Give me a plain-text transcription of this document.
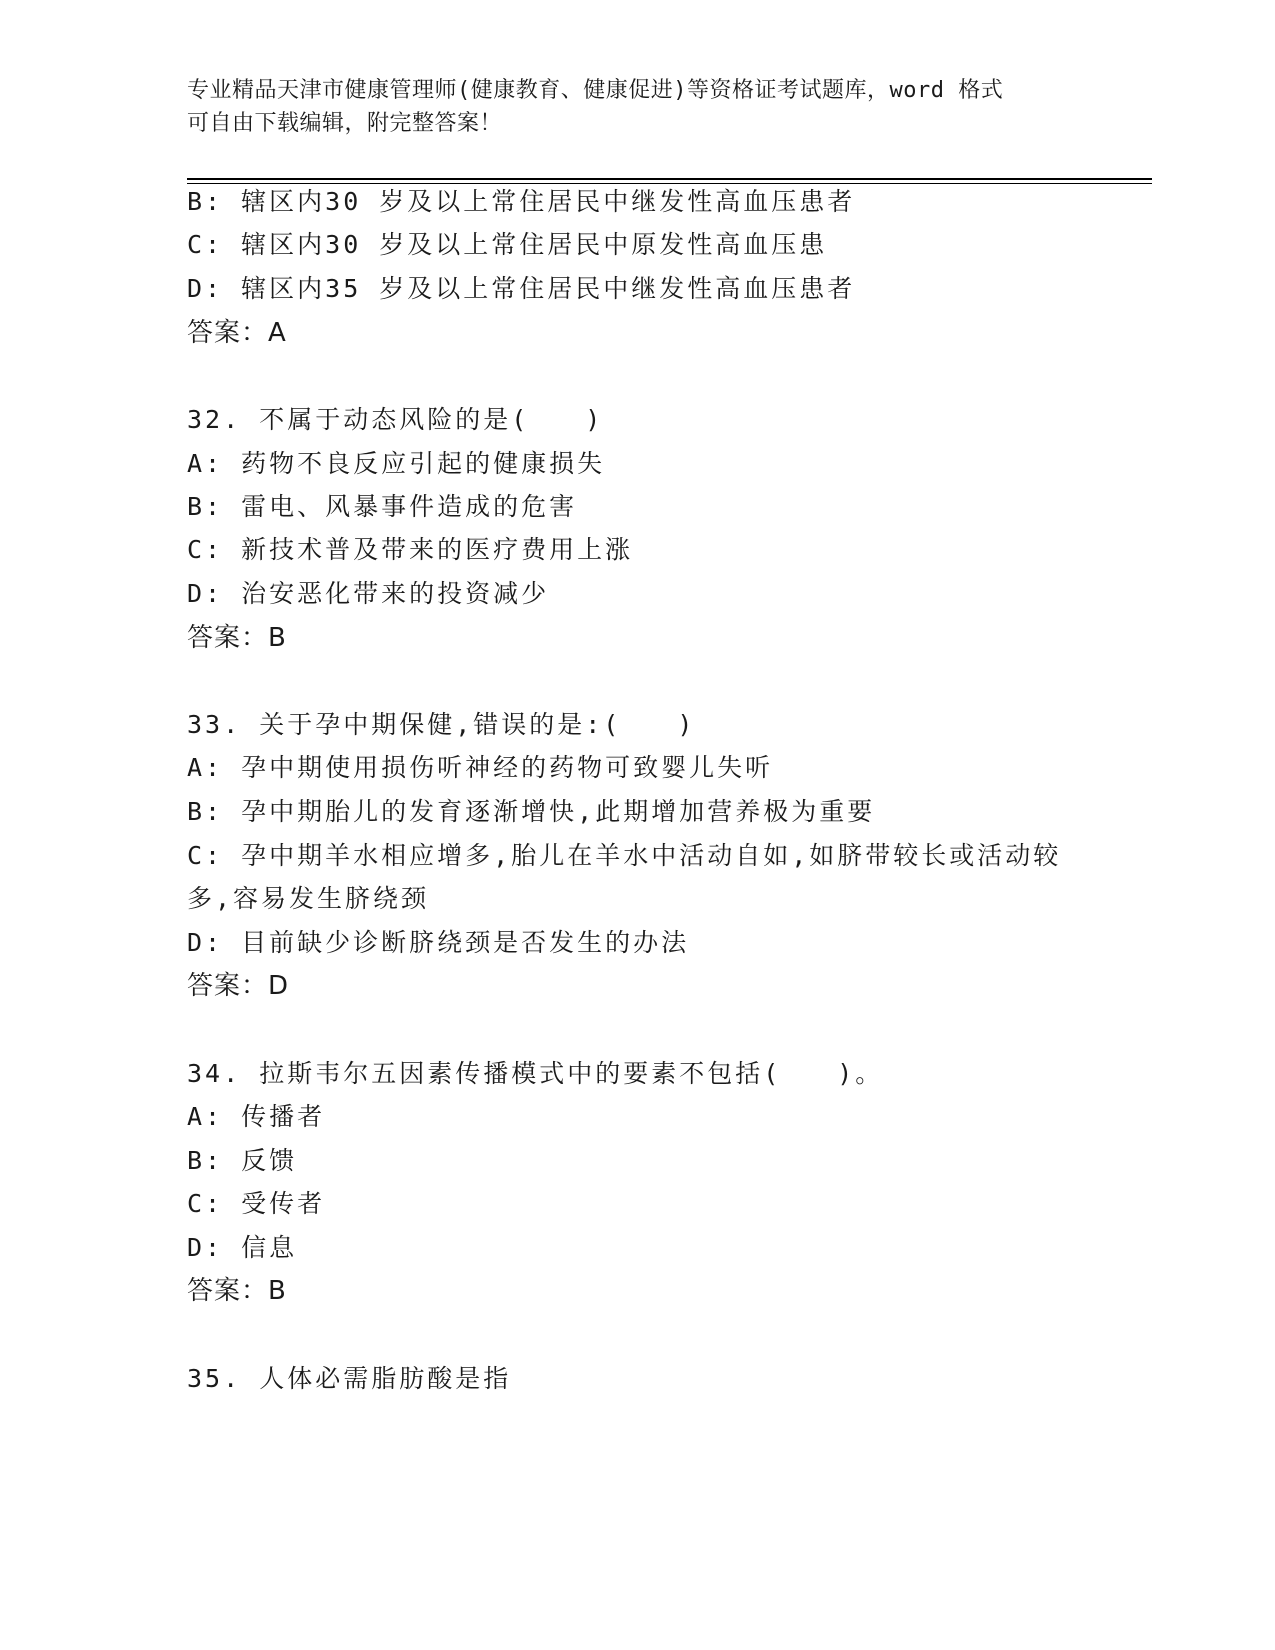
专业精品天津市健康管理师(健康教育、健康促进)等资格证考试题库，word 格式
可自由下载编辑，附完整答案！
B: 辖区内30 岁及以上常住居民中继发性高血压患者
C: 辖区内30 岁及以上常住居民中原发性高血压患
D: 辖区内35 岁及以上常住居民中继发性高血压患者
答案：A
32. 不属于动态风险的是(　　)
A: 药物不良反应引起的健康损失
B: 雷电、风暴事件造成的危害
C: 新技术普及带来的医疗费用上涨
D: 治安恶化带来的投资减少
答案：B
33. 关于孕中期保健,错误的是:(　　)
A: 孕中期使用损伤听神经的药物可致婴儿失听
B: 孕中期胎儿的发育逐渐增快,此期增加营养极为重要
C: 孕中期羊水相应增多,胎儿在羊水中活动自如,如脐带较长或活动较
多,容易发生脐绕颈
D: 目前缺少诊断脐绕颈是否发生的办法
答案：D
34. 拉斯韦尔五因素传播模式中的要素不包括(　　)。
A: 传播者
B: 反馈
C: 受传者
D: 信息
答案：B
35. 人体必需脂肪酸是指
